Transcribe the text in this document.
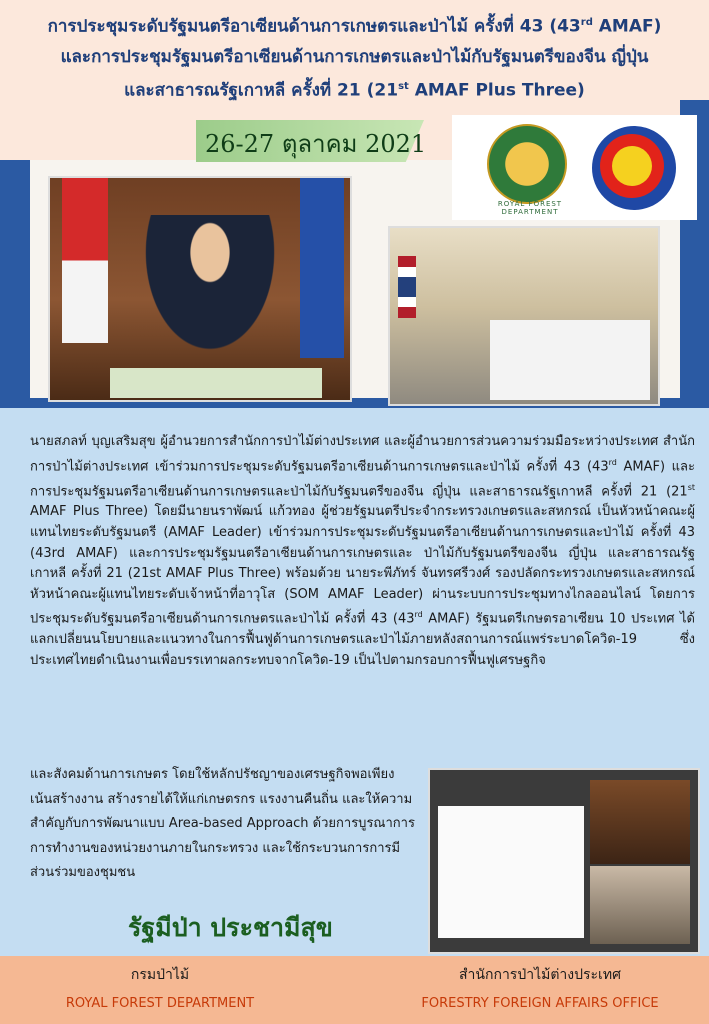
การประชุมระดับรัฐมนตรีอาเซียนด้านการเกษตรและป่าไม้ ครั้งที่ 43 (43rd AMAF)
และการประชุมรัฐมนตรีอาเซียนด้านการเกษตรและป่าไม้กับรัฐมนตรีของจีน ญี่ปุ่น
และสาธารณรัฐเกาหลี ครั้งที่ 21 (21st AMAF Plus Three)
26-27 ตุลาคม 2021
ROYAL FOREST DEPARTMENT
นายสภลท์ บุญเสริมสุข ผู้อำนวยการสำนักการป่าไม้ต่างประเทศ และผู้อำนวยการส่วนความร่วมมือระหว่างประเทศ สำนักการป่าไม้ต่างประเทศ เข้าร่วมการประชุมระดับรัฐมนตรีอาเซียนด้านการเกษตรและป่าไม้ ครั้งที่ 43 (43rd AMAF) และการประชุมรัฐมนตรีอาเซียนด้านการเกษตรและป่าไม้กับรัฐมนตรีของจีน ญี่ปุ่น และสาธารณรัฐเกาหลี ครั้งที่ 21 (21st AMAF Plus Three) โดยมีนายนราพัฒน์ แก้วทอง ผู้ช่วยรัฐมนตรีประจำกระทรวงเกษตรและสหกรณ์ เป็นหัวหน้าคณะผู้แทนไทยระดับรัฐมนตรี (AMAF Leader) เข้าร่วมการประชุมระดับรัฐมนตรีอาเซียนด้านการเกษตรและป่าไม้ ครั้งที่ 43 (43rd AMAF) และการประชุมรัฐมนตรีอาเซียนด้านการเกษตรและ ป่าไม้กับรัฐมนตรีของจีน ญี่ปุ่น และสาธารณรัฐเกาหลี ครั้งที่ 21 (21st AMAF Plus Three) พร้อมด้วย นายระพีภัทร์ จันทรศรีวงศ์ รองปลัดกระทรวงเกษตรและสหกรณ์ หัวหน้าคณะผู้แทนไทยระดับเจ้าหน้าที่อาวุโส (SOM AMAF Leader) ผ่านระบบการประชุมทางไกลออนไลน์ โดยการประชุมระดับรัฐมนตรีอาเซียนด้านการเกษตรและป่าไม้ ครั้งที่ 43 (43rd AMAF) รัฐมนตรีเกษตรอาเซียน 10 ประเทศ ได้แลกเปลี่ยนนโยบายและแนวทางในการฟื้นฟูด้านการเกษตรและป่าไม้ภายหลังสถานการณ์แพร่ระบาดโควิด-19 ซึ่งประเทศไทยดำเนินงานเพื่อบรรเทาผลกระทบจากโควิด-19 เป็นไปตามกรอบการฟื้นฟูเศรษฐกิจ
และสังคมด้านการเกษตร โดยใช้หลักปรัชญาของเศรษฐกิจพอเพียง เน้นสร้างงาน สร้างรายได้ให้แก่เกษตรกร แรงงานคืนถิ่น และให้ความสำคัญกับการพัฒนาแบบ Area-based Approach ด้วยการบูรณาการการทำงานของหน่วยงานภายในกระทรวง และใช้กระบวนการการมีส่วนร่วมของชุมชน
รัฐมีป่า ประชามีสุข
กรมป่าไม้
ROYAL FOREST DEPARTMENT
สำนักการป่าไม้ต่างประเทศ
FORESTRY FOREIGN AFFAIRS OFFICE
